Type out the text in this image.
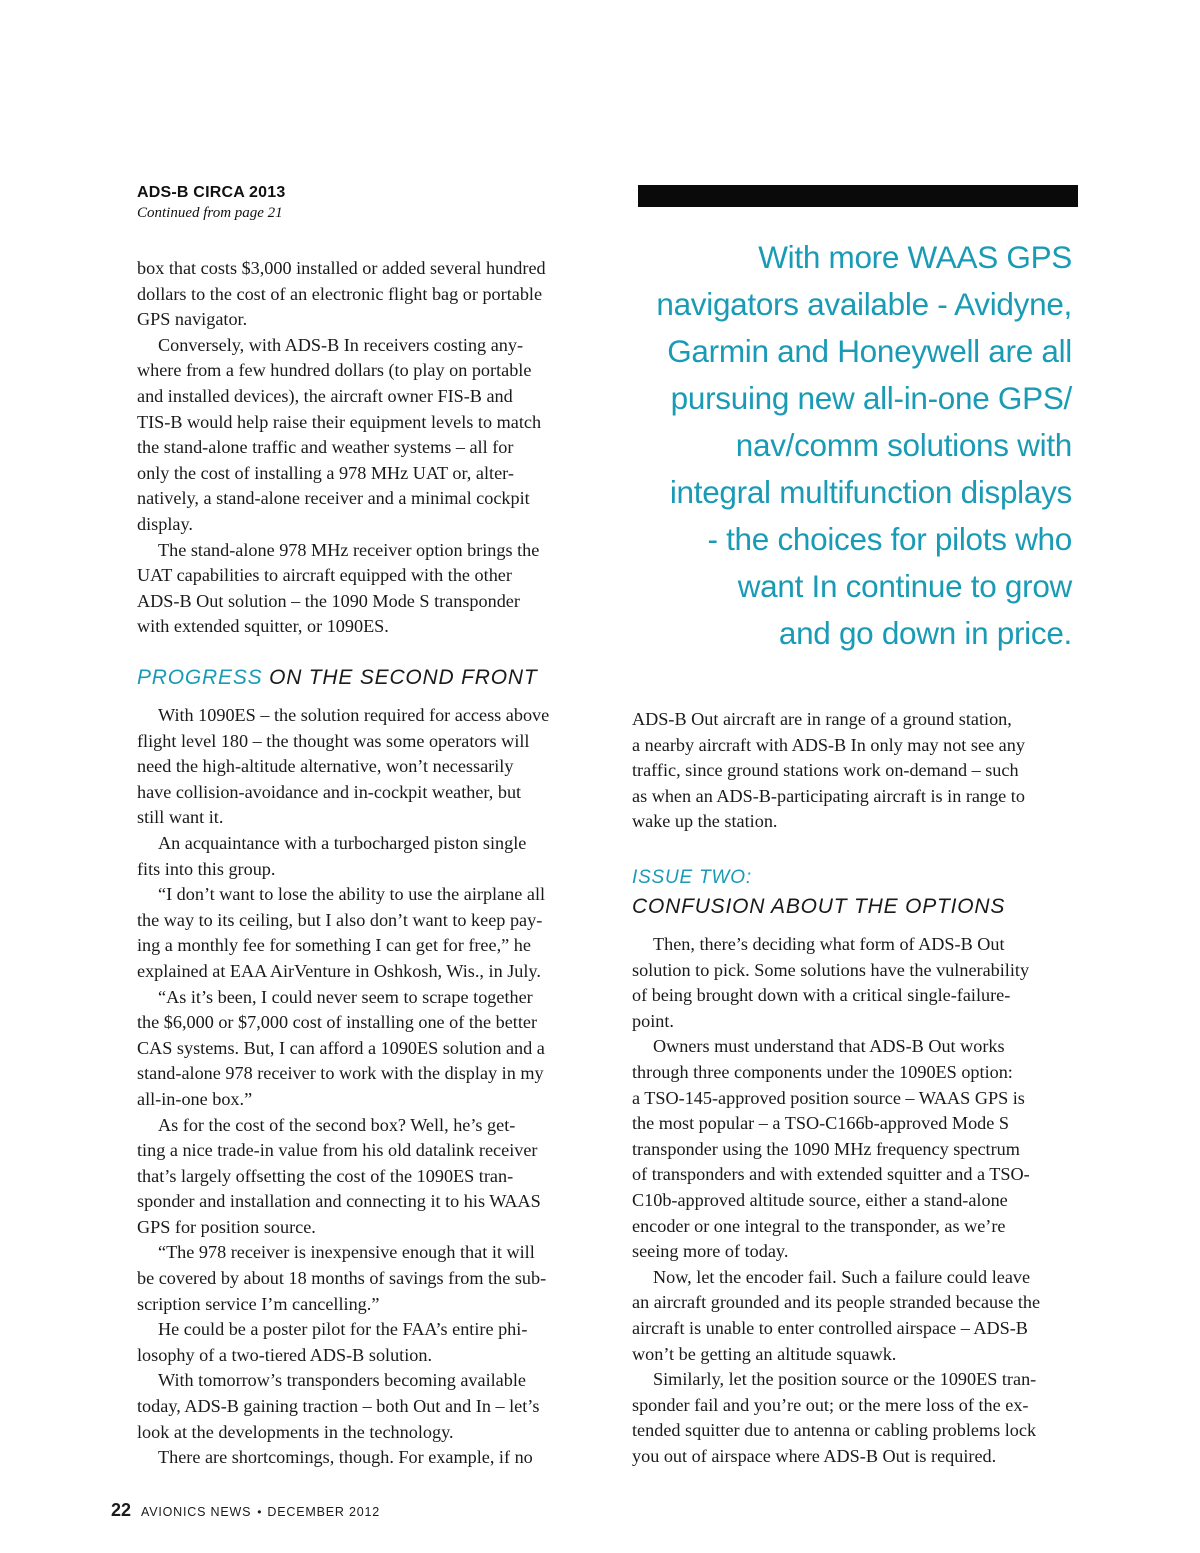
ADS-B CIRCA 2013
Continued from page 21
With more WAAS GPS
navigators available - Avidyne,
Garmin and Honeywell are all
pursuing new all-in-one GPS/
nav/comm solutions with
integral multifunction displays
- the choices for pilots who
want In continue to grow
and go down in price.

box that costs $3,000 installed or added several hundred
dollars to the cost of an electronic flight bag or portable
GPS navigator.

Conversely, with ADS-B In receivers costing any-

where from a few hundred dollars (to play on portable
and installed devices), the aircraft owner FIS-B and
TIS-B would help raise their equipment levels to match
the stand-alone traffic and weather systems – all for
only the cost of installing a 978 MHz UAT or, alter-
natively, a stand-alone receiver and a minimal cockpit
display.

The stand-alone 978 MHz receiver option brings the

UAT capabilities to aircraft equipped with the other
ADS-B Out solution – the 1090 Mode S transponder
with extended squitter, or 1090ES.

PROGRESS ON THE SECOND FRONT

With 1090ES – the solution required for access above

flight level 180 – the thought was some operators will
need the high-altitude alternative, won’t necessarily
have collision-avoidance and in-cockpit weather, but
still want it.

An acquaintance with a turbocharged piston single

fits into this group.

“I don’t want to lose the ability to use the airplane all

the way to its ceiling, but I also don’t want to keep pay-
ing a monthly fee for something I can get for free,” he
explained at EAA AirVenture in Oshkosh, Wis., in July.

“As it’s been, I could never seem to scrape together

the $6,000 or $7,000 cost of installing one of the better
CAS systems. But, I can afford a 1090ES solution and a
stand-alone 978 receiver to work with the display in my
all-in-one box.”

As for the cost of the second box? Well, he’s get-

ting a nice trade-in value from his old datalink receiver
that’s largely offsetting the cost of the 1090ES tran-
sponder and installation and connecting it to his WAAS
GPS for position source.

“The 978 receiver is inexpensive enough that it will

be covered by about 18 months of savings from the sub-
scription service I’m cancelling.”

He could be a poster pilot for the FAA’s entire phi-

losophy of a two-tiered ADS-B solution.

With tomorrow’s transponders becoming available

today, ADS-B gaining traction – both Out and In – let’s
look at the developments in the technology.

There are shortcomings, though. For example, if no

ADS-B Out aircraft are in range of a ground station,
a nearby aircraft with ADS-B In only may not see any
traffic, since ground stations work on-demand – such
as when an ADS-B-participating aircraft is in range to
wake up the station.

ISSUE TWO:
CONFUSION ABOUT THE OPTIONS

Then, there’s deciding what form of ADS-B Out

solution to pick. Some solutions have the vulnerability
of being brought down with a critical single-failure-
point.

Owners must understand that ADS-B Out works

through three components under the 1090ES option:
a TSO-145-approved position source – WAAS GPS is
the most popular – a TSO-C166b-approved Mode S
transponder using the 1090 MHz frequency spectrum
of transponders and with extended squitter and a TSO-
C10b-approved altitude source, either a stand-alone
encoder or one integral to the transponder, as we’re
seeing more of today.

Now, let the encoder fail. Such a failure could leave

an aircraft grounded and its people stranded because the
aircraft is unable to enter controlled airspace – ADS-B
won’t be getting an altitude squawk.

Similarly, let the position source or the 1090ES tran-

sponder fail and you’re out; or the mere loss of the ex-
tended squitter due to antenna or cabling problems lock
you out of airspace where ADS-B Out is required.

22 AVIONICS NEWS • DECEMBER 2012
